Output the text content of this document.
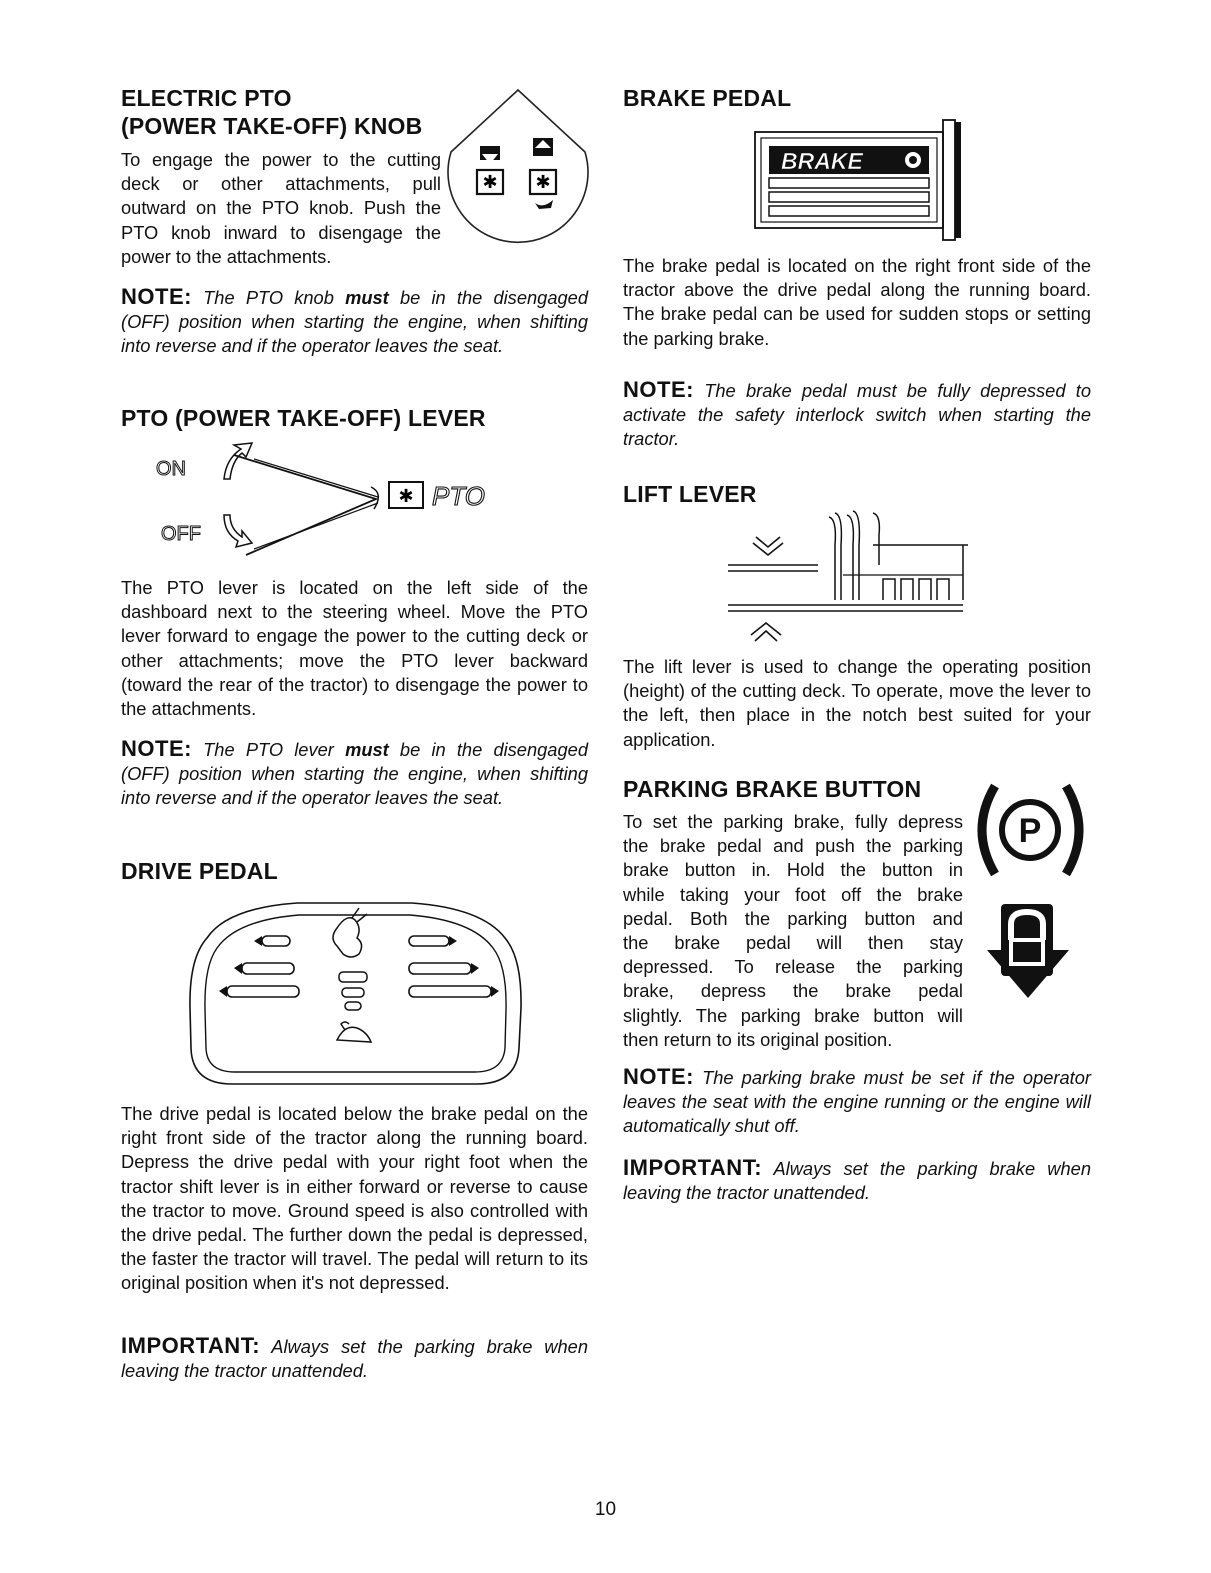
ELECTRIC PTO
(POWER TAKE-OFF) KNOB

To engage the power to the cutting deck or other attachments, pull outward on the PTO knob. Push the PTO knob inward to disengage the power to the attachments.

✱ ✱

NOTE: The PTO knob must be in the disengaged (OFF) position when starting the engine, when shifting into reverse and if the operator leaves the seat.

PTO (POWER TAKE-OFF) LEVER
ON
OFF
✱ PTO

The PTO lever is located on the left side of the dashboard next to the steering wheel. Move the PTO lever forward to engage the power to the cutting deck or other attachments; move the PTO lever backward (toward the rear of the tractor) to disengage the power to the attachments.

NOTE: The PTO lever must be in the disengaged (OFF) position when starting the engine, when shifting into reverse and if the operator leaves the seat.

DRIVE PEDAL

The drive pedal is located below the brake pedal on the right front side of the tractor along the running board. Depress the drive pedal with your right foot when the tractor shift lever is in either forward or reverse to cause the tractor to move. Ground speed is also controlled with the drive pedal. The further down the pedal is depressed, the faster the tractor will travel. The pedal will return to its original position when it's not depressed.

IMPORTANT: Always set the parking brake when leaving the tractor unattended.

BRAKE PEDAL
BRAKE

The brake pedal is located on the right front side of the tractor above the drive pedal along the running board. The brake pedal can be used for sudden stops or setting the parking brake.

NOTE: The brake pedal must be fully depressed to activate the safety interlock switch when starting the tractor.

LIFT LEVER

The lift lever is used to change the operating position (height) of the cutting deck. To operate, move the lever to the left, then place in the notch best suited for your application.

PARKING BRAKE BUTTON
To set the parking brake, fully depress
the brake pedal and push the parking
brake button in. Hold the button in
while taking your foot off the brake
pedal. Both the parking button and
the brake pedal will then stay
depressed. To release the parking
brake, depress the brake pedal
slightly. The parking brake button will
then return to its original position.
P

NOTE: The parking brake must be set if the operator leaves the seat with the engine running or the engine will automatically shut off.

IMPORTANT: Always set the parking brake when leaving the tractor unattended.

10
